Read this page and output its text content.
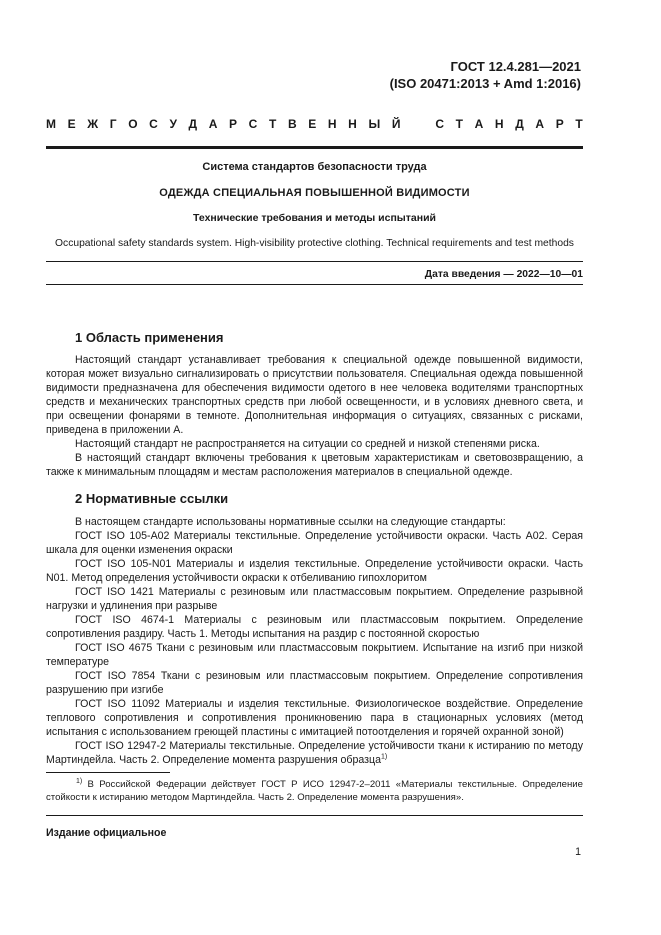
ГОСТ 12.4.281—2021
(ISO 20471:2013 + Amd 1:2016)
М Е Ж Г О С У Д А Р С Т В Е Н Н Ы Й	С Т А Н Д А Р Т
Система стандартов безопасности труда
ОДЕЖДА СПЕЦИАЛЬНАЯ ПОВЫШЕННОЙ ВИДИМОСТИ
Технические требования и методы испытаний
Occupational safety standards system. High-visibility protective clothing. Technical requirements and test methods
Дата введения — 2022—10—01
1 Область применения

Настоящий стандарт устанавливает требования к специальной одежде повышенной видимости, которая может визуально сигнализировать о присутствии пользователя. Специальная одежда повышенной видимости предназначена для обеспечения видимости одетого в нее человека водителями транспортных средств и механических транспортных средств при любой освещенности, и в условиях дневного света, и при освещении фонарями в темноте. Дополнительная информация о ситуациях, связанных с рисками, приведена в приложении А.

Настоящий стандарт не распространяется на ситуации со средней и низкой степенями риска.

В настоящий стандарт включены требования к цветовым характеристикам и световозвращению, а также к минимальным площадям и местам расположения материалов в специальной одежде.

2 Нормативные ссылки

В настоящем стандарте использованы нормативные ссылки на следующие стандарты:

ГОСТ ISO 105-A02 Материалы текстильные. Определение устойчивости окраски. Часть A02. Серая шкала для оценки изменения окраски

ГОСТ ISO 105-N01 Материалы и изделия текстильные. Определение устойчивости окраски. Часть N01. Метод определения устойчивости окраски к отбеливанию гипохлоритом

ГОСТ ISO 1421 Материалы с резиновым или пластмассовым покрытием. Определение разрывной нагрузки и удлинения при разрыве

ГОСТ ISO 4674-1 Материалы с резиновым или пластмассовым покрытием. Определение сопротивления раздиру. Часть 1. Методы испытания на раздир с постоянной скоростью

ГОСТ ISO 4675 Ткани с резиновым или пластмассовым покрытием. Испытание на изгиб при низкой температуре

ГОСТ ISO 7854 Ткани с резиновым или пластмассовым покрытием. Определение сопротивления разрушению при изгибе

ГОСТ ISO 11092 Материалы и изделия текстильные. Физиологическое воздействие. Определение теплового сопротивления и сопротивления проникновению пара в стационарных условиях (метод испытания с использованием греющей пластины с имитацией потоотделения и горячей охранной зоной)

ГОСТ ISO 12947-2 Материалы текстильные. Определение устойчивости ткани к истиранию по методу Мартиндейла. Часть 2. Определение момента разрушения образца$^{1)}$

$^{1)}$ В Российской Федерации действует ГОСТ Р ИСО 12947-2–2011 «Материалы текстильные. Определение стойкости к истиранию методом Мартиндейла. Часть 2. Определение момента разрушения».

Издание официальное
1
